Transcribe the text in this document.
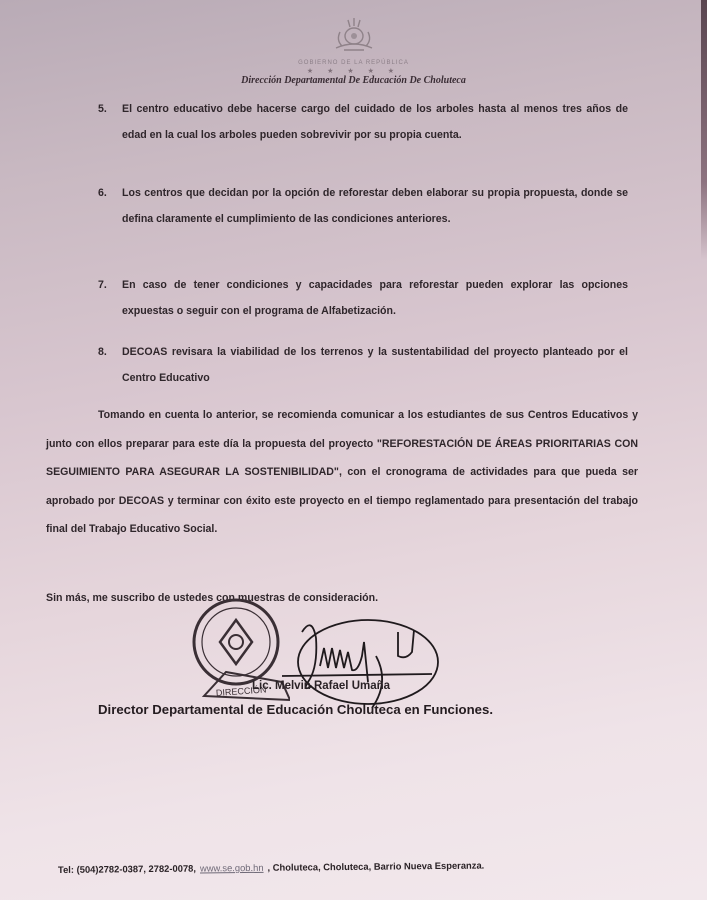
GOBIERNO DE LA REPÚBLICA
★ ★ ★ ★ ★
Dirección Departamental De Educación De Choluteca
5. El centro educativo debe hacerse cargo del cuidado de los arboles hasta al menos tres años de edad en la cual los arboles pueden sobrevivir por su propia cuenta.
6. Los centros que decidan por la opción de reforestar deben elaborar su propia propuesta, donde se defina claramente el cumplimiento de las condiciones anteriores.
7. En caso de tener condiciones y capacidades para reforestar pueden explorar las opciones expuestas o seguir con el programa de Alfabetización.
8. DECOAS revisara la viabilidad de los terrenos y la sustentabilidad del proyecto planteado por el Centro Educativo
Tomando en cuenta lo anterior, se recomienda comunicar a los estudiantes de sus Centros Educativos y junto con ellos preparar para este día la propuesta del proyecto "REFORESTACIÓN DE ÁREAS PRIORITARIAS CON SEGUIMIENTO PARA ASEGURAR LA SOSTENIBILIDAD", con el cronograma de actividades para que pueda ser aprobado por DECOAS y terminar con éxito este proyecto en el tiempo reglamentado para presentación del trabajo final del Trabajo Educativo Social.
Sin más, me suscribo de ustedes con muestras de consideración.
DIRECCIÓN
Lic. Melvin Rafael Umaña
Director Departamental de Educación Choluteca en Funciones.
Tel: (504)2782-0387, 2782-0078, www.se.gob.hn , Choluteca, Choluteca, Barrio Nueva Esperanza.
